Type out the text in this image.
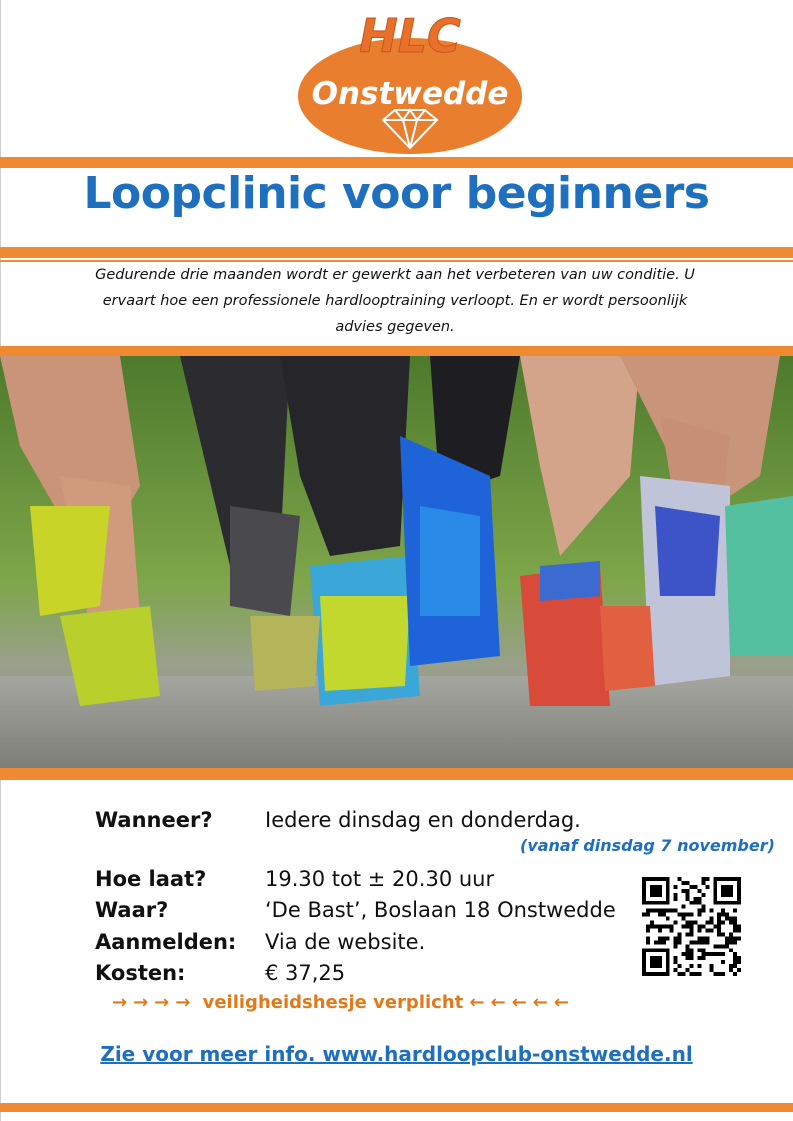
HLC
Onstwedde
Loopclinic voor beginners
Gedurende drie maanden wordt er gewerkt aan het verbeteren van uw conditie. U ervaart hoe een professionele hardlooptraining verloopt. En er wordt persoonlijk advies gegeven.
Wanneer? Iedere dinsdag en donderdag.
(vanaf dinsdag 7 november)
Hoe laat?	19.30 tot ± 20.30 uur
Waar?	‘De Bast’, Boslaan 18 Onstwedde
Aanmelden: Via de website.
Kosten:	€ 37,25
→→→→ veiligheidshesje verplicht ←←←←←
Zie voor meer info. www.hardloopclub-onstwedde.nl
